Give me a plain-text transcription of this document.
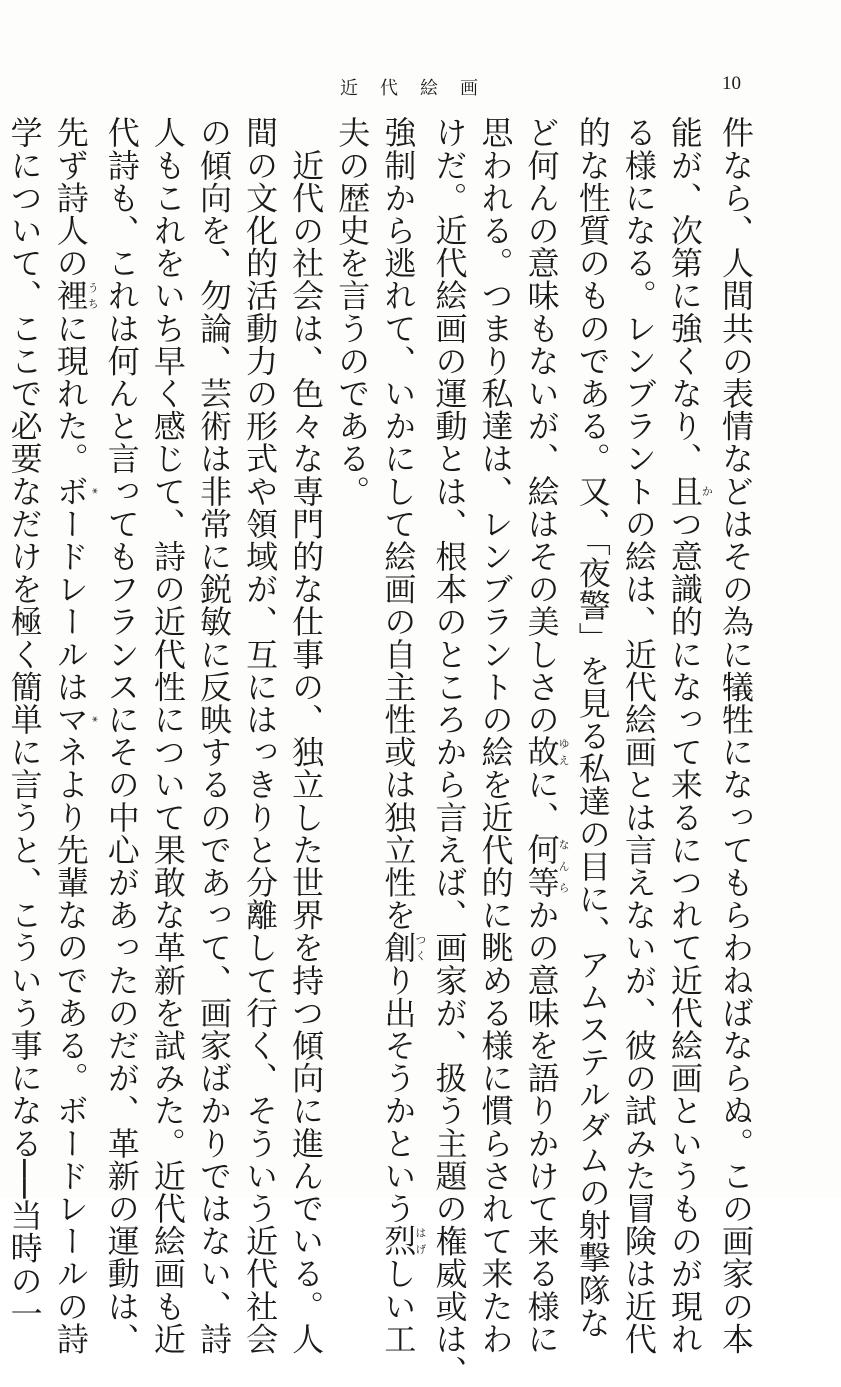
近代絵画	10
件なら、人間共の表情などはその為に犠牲になってもらわねばならぬ。この画家の本
能が、次第に強くなり、且かつ意識的になって来るにつれて近代絵画というものが現れ
る様になる。レンブラントの絵は、近代絵画とは言えないが、彼の試みた冒険は近代
的な性質のものである。又、「夜警」を見る私達の目に、アムステルダムの射撃隊な
ど何んの意味もないが、絵はその美しさの故ゆえに、何等なんらかの意味を語りかけて来る様に
思われる。つまり私達は、レンブラントの絵を近代的に眺める様に慣らされて来たわ
けだ。近代絵画の運動とは、根本のところから言えば、画家が、扱う主題の権威或は、
強制から逃れて、いかにして絵画の自主性或は独立性を創つくり出そうかという烈はげしい工
夫の歴史を言うのである。
　近代の社会は、色々な専門的な仕事の、独立した世界を持つ傾向に進んでいる。人
間の文化的活動力の形式や領域が、互にはっきりと分離して行く、そういう近代社会
の傾向を、勿論、芸術は非常に鋭敏に反映するのであって、画家ばかりではない、詩
人もこれをいち早く感じて、詩の近代性について果敢な革新を試みた。近代絵画も近
代詩も、これは何んと言ってもフランスにその中心があったのだが、革新の運動は、
先ず詩人の裡うちに現れた。ボ*ードレールはマ*ネより先輩なのである。ボードレールの詩
学について、ここで必要なだけを極く簡単に言うと、こういう事になる──当時の一
